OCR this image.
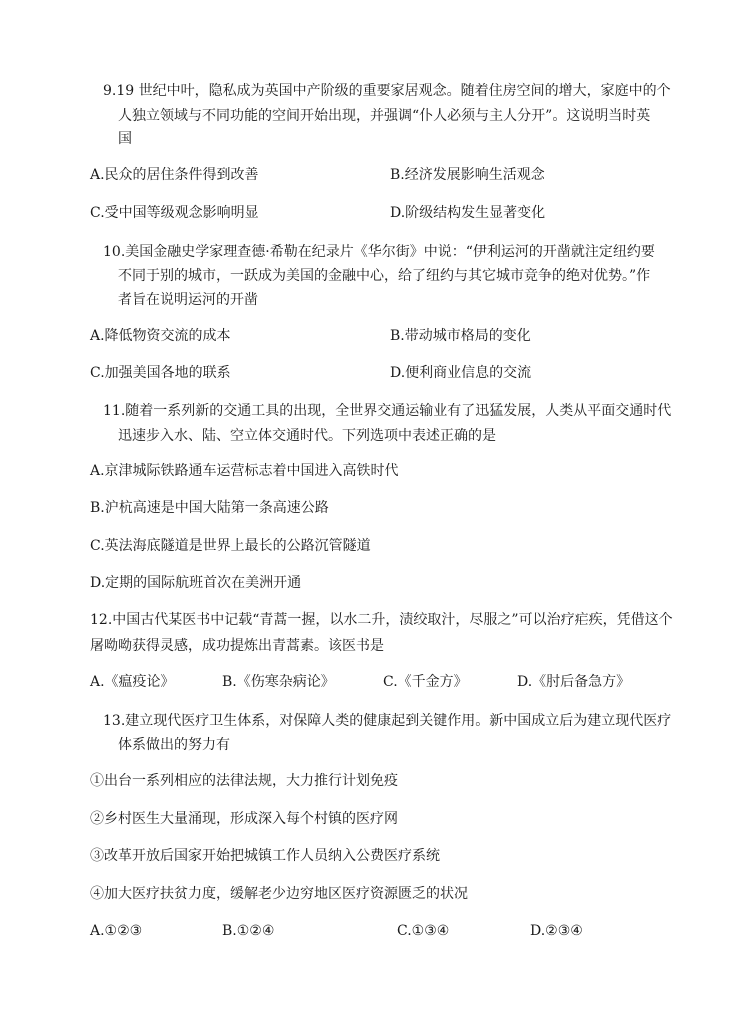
9.19 世纪中叶，隐私成为英国中产阶级的重要家居观念。随着住房空间的增大，家庭中的个
人独立领域与不同功能的空间开始出现，并强调“仆人必须与主人分开”。这说明当时英
国
A.民众的居住条件得到改善	B.经济发展影响生活观念
C.受中国等级观念影响明显	D.阶级结构发生显著变化
10.美国金融史学家理查德·希勒在纪录片《华尔街》中说：“伊利运河的开凿就注定纽约要
不同于别的城市，一跃成为美国的金融中心，给了纽约与其它城市竞争的绝对优势。”作
者旨在说明运河的开凿
A.降低物资交流的成本	B.带动城市格局的变化
C.加强美国各地的联系	D.便利商业信息的交流
11.随着一系列新的交通工具的出现，全世界交通运输业有了迅猛发展，人类从平面交通时代
迅速步入水、陆、空立体交通时代。下列选项中表述正确的是
A.京津城际铁路通车运营标志着中国进入高铁时代
B.沪杭高速是中国大陆第一条高速公路
C.英法海底隧道是世界上最长的公路沉管隧道
D.定期的国际航班首次在美洲开通
12.中国古代某医书中记载“青蒿一握，以水二升，渍绞取汁，尽服之”可以治疗疟疾，凭借这个
屠呦呦获得灵感，成功提炼出青蒿素。该医书是
A.《瘟疫论》	B.《伤寒杂病论》	C.《千金方》	D.《肘后备急方》
13.建立现代医疗卫生体系，对保障人类的健康起到关键作用。新中国成立后为建立现代医疗
体系做出的努力有
①出台一系列相应的法律法规，大力推行计划免疫
②乡村医生大量涌现，形成深入每个村镇的医疗网
③改革开放后国家开始把城镇工作人员纳入公费医疗系统
④加大医疗扶贫力度，缓解老少边穷地区医疗资源匮乏的状况
A.①②③	B.①②④	C.①③④	D.②③④
